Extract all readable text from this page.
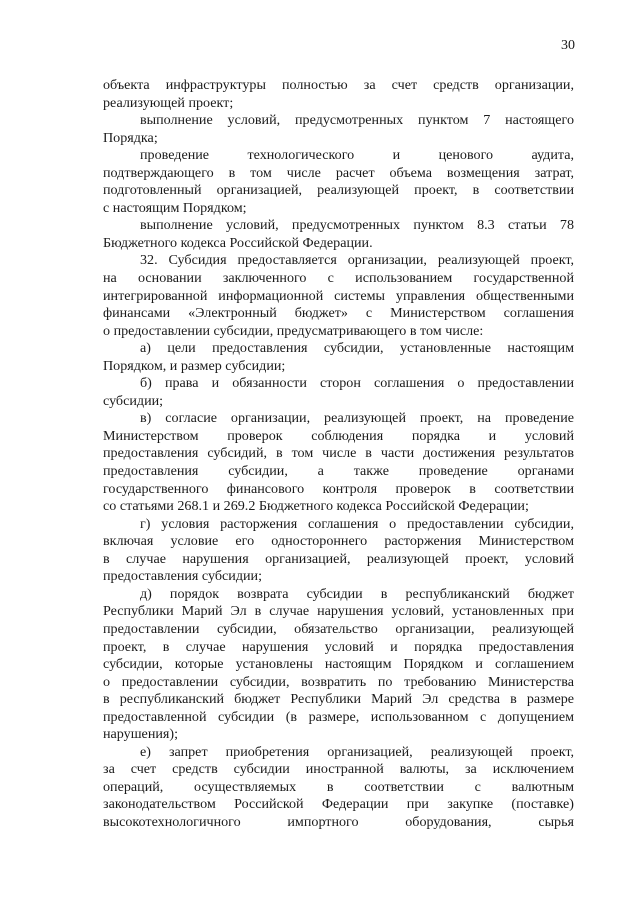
30
объекта инфраструктуры полностью за счет средств организации,
реализующей проект;
выполнение условий, предусмотренных пунктом 7 настоящего
Порядка;
проведение технологического и ценового аудита,
подтверждающего в том числе расчет объема возмещения затрат,
подготовленный организацией, реализующей проект, в соответствии
с настоящим Порядком;
выполнение условий, предусмотренных пунктом 8.3 статьи 78
Бюджетного кодекса Российской Федерации.
32. Субсидия предоставляется организации, реализующей проект,
на основании заключенного с использованием государственной
интегрированной информационной системы управления общественными
финансами «Электронный бюджет» с Министерством соглашения
о предоставлении субсидии, предусматривающего в том числе:
а) цели предоставления субсидии, установленные настоящим
Порядком, и размер субсидии;
б) права и обязанности сторон соглашения о предоставлении
субсидии;
в) согласие организации, реализующей проект, на проведение
Министерством проверок соблюдения порядка и условий
предоставления субсидий, в том числе в части достижения результатов
предоставления субсидии, а также проведение органами
государственного финансового контроля проверок в соответствии
со статьями 268.1 и 269.2 Бюджетного кодекса Российской Федерации;
г) условия расторжения соглашения о предоставлении субсидии,
включая условие его одностороннего расторжения Министерством
в случае нарушения организацией, реализующей проект, условий
предоставления субсидии;
д) порядок возврата субсидии в республиканский бюджет
Республики Марий Эл в случае нарушения условий, установленных при
предоставлении субсидии, обязательство организации, реализующей
проект, в случае нарушения условий и порядка предоставления
субсидии, которые установлены настоящим Порядком и соглашением
о предоставлении субсидии, возвратить по требованию Министерства
в республиканский бюджет Республики Марий Эл средства в размере
предоставленной субсидии (в размере, использованном с допущением
нарушения);
е) запрет приобретения организацией, реализующей проект,
за счет средств субсидии иностранной валюты, за исключением
операций, осуществляемых в соответствии с валютным
законодательством Российской Федерации при закупке (поставке)
высокотехнологичного импортного оборудования, сырья
